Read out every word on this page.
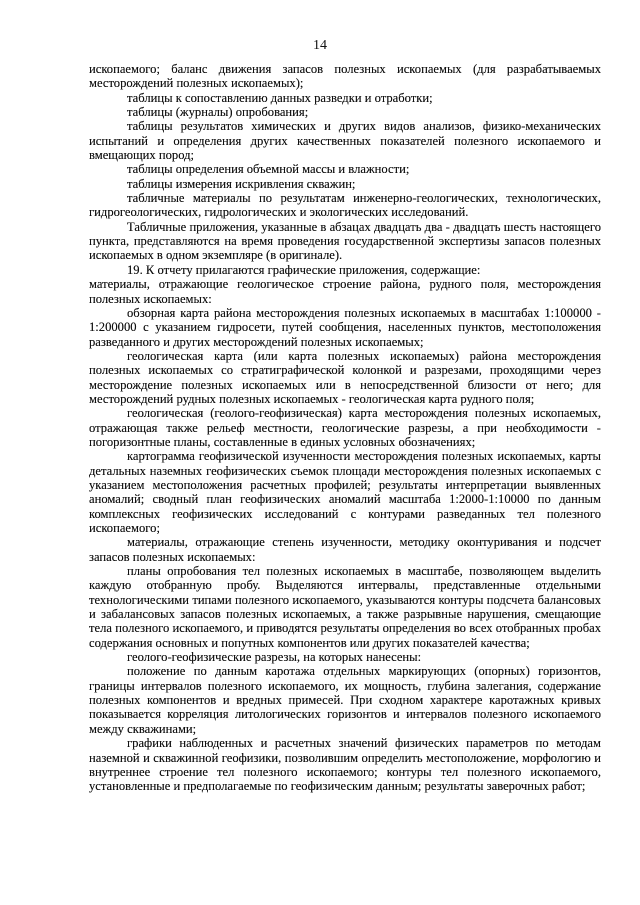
14

ископаемого; баланс движения запасов полезных ископаемых (для разрабатываемых месторождений полезных ископаемых);

таблицы к сопоставлению данных разведки и отработки;

таблицы (журналы) опробования;

таблицы результатов химических и других видов анализов, физико-механических испытаний и определения других качественных показателей полезного ископаемого и вмещающих пород;

таблицы определения объемной массы и влажности;

таблицы измерения искривления скважин;

табличные материалы по результатам инженерно-геологических, технологических, гидрогеологических, гидрологических и экологических исследований.

Табличные приложения, указанные в абзацах двадцать два - двадцать шесть настоящего пункта, представляются на время проведения государственной экспертизы запасов полезных ископаемых в одном экземпляре (в оригинале).

19. К отчету прилагаются графические приложения, содержащие:

материалы, отражающие геологическое строение района, рудного поля, месторождения полезных ископаемых:

обзорная карта района месторождения полезных ископаемых в масштабах 1:100000 - 1:200000 с указанием гидросети, путей сообщения, населенных пунктов, местоположения разведанного и других месторождений полезных ископаемых;

геологическая карта (или карта полезных ископаемых) района месторождения полезных ископаемых со стратиграфической колонкой и разрезами, проходящими через месторождение полезных ископаемых или в непосредственной близости от него; для месторождений рудных полезных ископаемых - геологическая карта рудного поля;

геологическая (геолого-геофизическая) карта месторождения полезных ископаемых, отражающая также рельеф местности, геологические разрезы, а при необходимости - погоризонтные планы, составленные в единых условных обозначениях;

картограмма геофизической изученности месторождения полезных ископаемых, карты детальных наземных геофизических съемок площади месторождения полезных ископаемых с указанием местоположения расчетных профилей; результаты интерпретации выявленных аномалий; сводный план геофизических аномалий масштаба 1:2000-1:10000 по данным комплексных геофизических исследований с контурами разведанных тел полезного ископаемого;

материалы, отражающие степень изученности, методику оконтуривания и подсчет запасов полезных ископаемых:

планы опробования тел полезных ископаемых в масштабе, позволяющем выделить каждую отобранную пробу. Выделяются интервалы, представленные отдельными технологическими типами полезного ископаемого, указываются контуры подсчета балансовых и забалансовых запасов полезных ископаемых, а также разрывные нарушения, смещающие тела полезного ископаемого, и приводятся результаты определения во всех отобранных пробах содержания основных и попутных компонентов или других показателей качества;

геолого-геофизические разрезы, на которых нанесены:

положение по данным каротажа отдельных маркирующих (опорных) горизонтов, границы интервалов полезного ископаемого, их мощность, глубина залегания, содержание полезных компонентов и вредных примесей. При сходном характере каротажных кривых показывается корреляция литологических горизонтов и интервалов полезного ископаемого между скважинами;

графики наблюденных и расчетных значений физических параметров по методам наземной и скважинной геофизики, позволившим определить местоположение, морфологию и внутреннее строение тел полезного ископаемого; контуры тел полезного ископаемого, установленные и предполагаемые по геофизическим данным; результаты заверочных работ;
